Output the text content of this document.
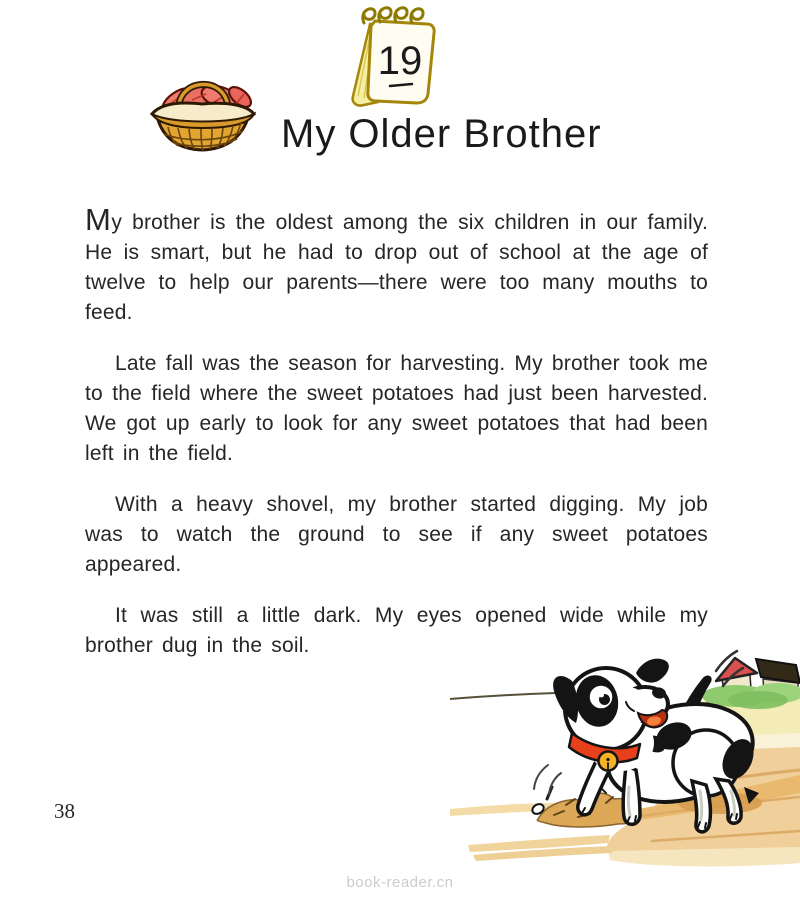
19
My Older Brother

My brother is the oldest among the six children in our family. He is smart, but he had to drop out of school at the age of twelve to help our parents—there were too many mouths to feed.

Late fall was the season for harvesting. My brother took me to the field where the sweet potatoes had just been harvested. We got up early to look for any sweet potatoes that had been left in the field.

With a heavy shovel, my brother started digging. My job was to watch the ground to see if any sweet potatoes appeared.

It was still a little dark. My eyes opened wide while my brother dug in the soil.

38
book-reader.cn
